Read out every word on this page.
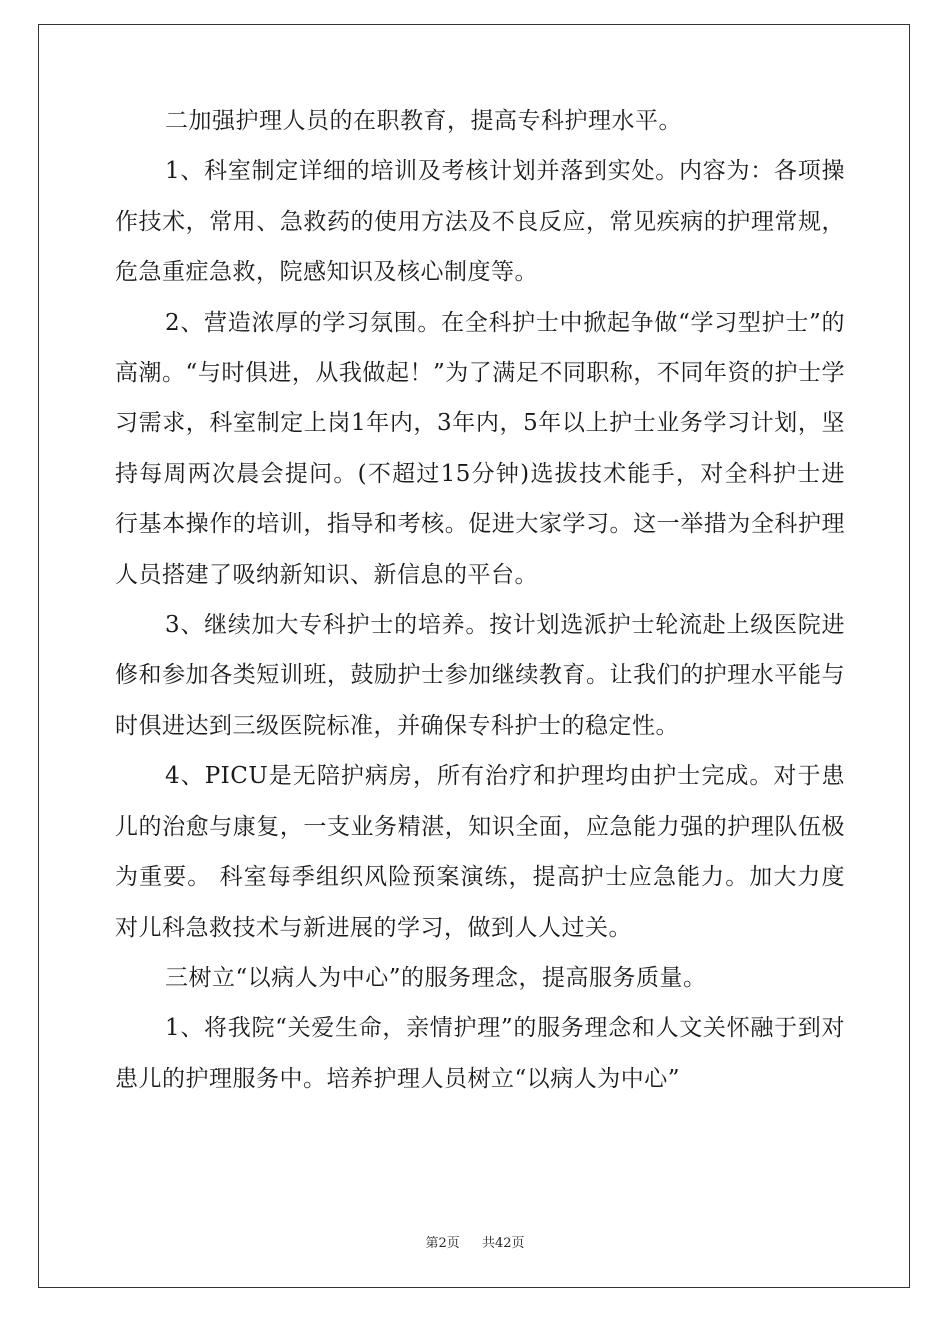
二加强护理人员的在职教育，提高专科护理水平。

1、科室制定详细的培训及考核计划并落到实处。内容为：各项操作技术，常用、急救药的使用方法及不良反应，常见疾病的护理常规，危急重症急救，院感知识及核心制度等。

2、营造浓厚的学习氛围。在全科护士中掀起争做“学习型护士”的高潮。“与时俱进，从我做起！”为了满足不同职称，不同年资的护士学习需求，科室制定上岗1年内，3年内，5年以上护士业务学习计划，坚持每周两次晨会提问。(不超过15分钟)选拔技术能手，对全科护士进行基本操作的培训，指导和考核。促进大家学习。这一举措为全科护理人员搭建了吸纳新知识、新信息的平台。

3、继续加大专科护士的培养。按计划选派护士轮流赴上级医院进修和参加各类短训班，鼓励护士参加继续教育。让我们的护理水平能与时俱进达到三级医院标准，并确保专科护士的稳定性。

4、PICU是无陪护病房，所有治疗和护理均由护士完成。对于患儿的治愈与康复，一支业务精湛，知识全面，应急能力强的护理队伍极为重要。 科室每季组织风险预案演练，提高护士应急能力。加大力度对儿科急救技术与新进展的学习，做到人人过关。

三树立“以病人为中心”的服务理念，提高服务质量。

1、将我院“关爱生命，亲情护理”的服务理念和人文关怀融于到对患儿的护理服务中。培养护理人员树立“以病人为中心”

第2页 共42页
